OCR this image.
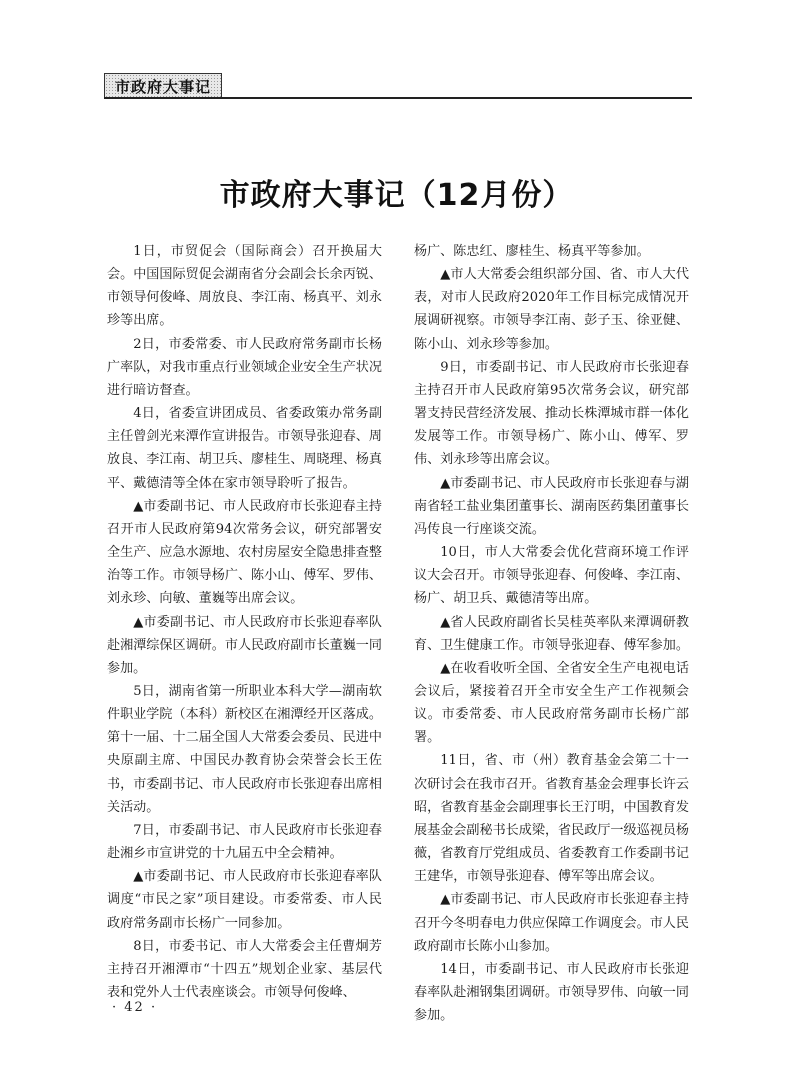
市政府大事记
市政府大事记（12月份）

1日，市贸促会（国际商会）召开换届大会。中国国际贸促会湖南省分会副会长余丙锐、市领导何俊峰、周放良、李江南、杨真平、刘永珍等出席。

2日，市委常委、市人民政府常务副市长杨广率队，对我市重点行业领域企业安全生产状况进行暗访督查。

4日，省委宣讲团成员、省委政策办常务副主任曾剑光来潭作宣讲报告。市领导张迎春、周放良、李江南、胡卫兵、廖桂生、周晓理、杨真平、戴德清等全体在家市领导聆听了报告。

▲市委副书记、市人民政府市长张迎春主持召开市人民政府第94次常务会议，研究部署安全生产、应急水源地、农村房屋安全隐患排查整治等工作。市领导杨广、陈小山、傅军、罗伟、刘永珍、向敏、董巍等出席会议。

▲市委副书记、市人民政府市长张迎春率队赴湘潭综保区调研。市人民政府副市长董巍一同参加。

5日，湖南省第一所职业本科大学—湖南软件职业学院（本科）新校区在湘潭经开区落成。第十一届、十二届全国人大常委会委员、民进中央原副主席、中国民办教育协会荣誉会长王佐书，市委副书记、市人民政府市长张迎春出席相关活动。

7日，市委副书记、市人民政府市长张迎春赴湘乡市宣讲党的十九届五中全会精神。

▲市委副书记、市人民政府市长张迎春率队调度“市民之家”项目建设。市委常委、市人民政府常务副市长杨广一同参加。

8日，市委书记、市人大常委会主任曹炯芳主持召开湘潭市“十四五”规划企业家、基层代表和党外人士代表座谈会。市领导何俊峰、

杨广、陈忠红、廖桂生、杨真平等参加。

▲市人大常委会组织部分国、省、市人大代表，对市人民政府2020年工作目标完成情况开展调研视察。市领导李江南、彭子玉、徐亚健、陈小山、刘永珍等参加。

9日，市委副书记、市人民政府市长张迎春主持召开市人民政府第95次常务会议，研究部署支持民营经济发展、推动长株潭城市群一体化发展等工作。市领导杨广、陈小山、傅军、罗伟、刘永珍等出席会议。

▲市委副书记、市人民政府市长张迎春与湖南省轻工盐业集团董事长、湖南医药集团董事长冯传良一行座谈交流。

10日，市人大常委会优化营商环境工作评议大会召开。市领导张迎春、何俊峰、李江南、杨广、胡卫兵、戴德清等出席。

▲省人民政府副省长吴桂英率队来潭调研教育、卫生健康工作。市领导张迎春、傅军参加。

▲在收看收听全国、全省安全生产电视电话会议后，紧接着召开全市安全生产工作视频会议。市委常委、市人民政府常务副市长杨广部署。

11日，省、市（州）教育基金会第二十一次研讨会在我市召开。省教育基金会理事长许云昭，省教育基金会副理事长王汀明，中国教育发展基金会副秘书长成梁，省民政厅一级巡视员杨薇，省教育厅党组成员、省委教育工作委副书记王建华，市领导张迎春、傅军等出席会议。

▲市委副书记、市人民政府市长张迎春主持召开今冬明春电力供应保障工作调度会。市人民政府副市长陈小山参加。

14日，市委副书记、市人民政府市长张迎春率队赴湘钢集团调研。市领导罗伟、向敏一同参加。

· 42 ·
